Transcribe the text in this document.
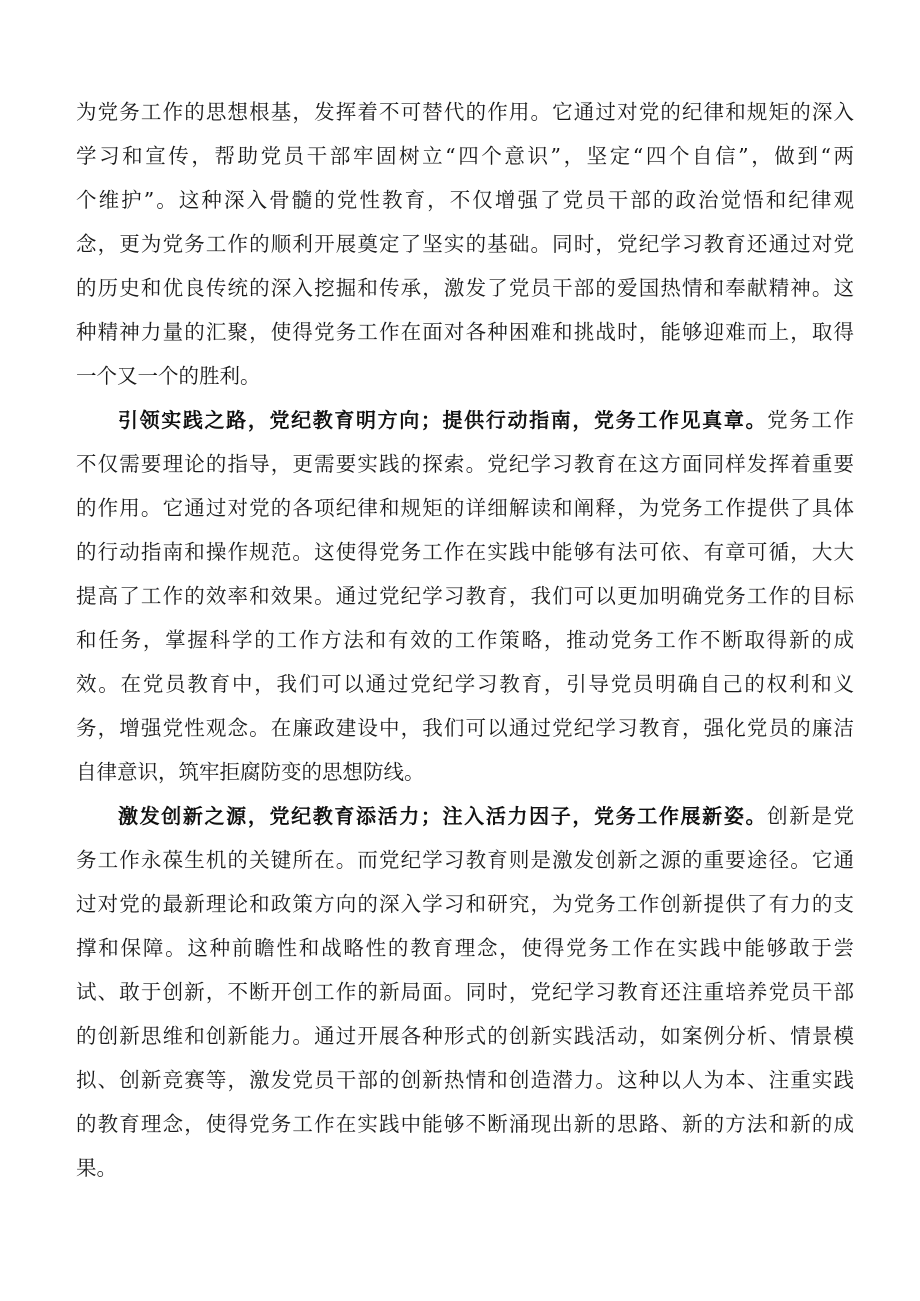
为党务工作的思想根基，发挥着不可替代的作用。它通过对党的纪律和规矩的深入
学习和宣传，帮助党员干部牢固树立“四个意识”，坚定“四个自信”，做到“两
个维护”。这种深入骨髓的党性教育，不仅增强了党员干部的政治觉悟和纪律观
念，更为党务工作的顺利开展奠定了坚实的基础。同时，党纪学习教育还通过对党
的历史和优良传统的深入挖掘和传承，激发了党员干部的爱国热情和奉献精神。这
种精神力量的汇聚，使得党务工作在面对各种困难和挑战时，能够迎难而上，取得
一个又一个的胜利。
引领实践之路，党纪教育明方向；提供行动指南，党务工作见真章。党务工作
不仅需要理论的指导，更需要实践的探索。党纪学习教育在这方面同样发挥着重要
的作用。它通过对党的各项纪律和规矩的详细解读和阐释，为党务工作提供了具体
的行动指南和操作规范。这使得党务工作在实践中能够有法可依、有章可循，大大
提高了工作的效率和效果。通过党纪学习教育，我们可以更加明确党务工作的目标
和任务，掌握科学的工作方法和有效的工作策略，推动党务工作不断取得新的成
效。在党员教育中，我们可以通过党纪学习教育，引导党员明确自己的权利和义
务，增强党性观念。在廉政建设中，我们可以通过党纪学习教育，强化党员的廉洁
自律意识，筑牢拒腐防变的思想防线。
激发创新之源，党纪教育添活力；注入活力因子，党务工作展新姿。创新是党
务工作永葆生机的关键所在。而党纪学习教育则是激发创新之源的重要途径。它通
过对党的最新理论和政策方向的深入学习和研究，为党务工作创新提供了有力的支
撑和保障。这种前瞻性和战略性的教育理念，使得党务工作在实践中能够敢于尝
试、敢于创新，不断开创工作的新局面。同时，党纪学习教育还注重培养党员干部
的创新思维和创新能力。通过开展各种形式的创新实践活动，如案例分析、情景模
拟、创新竞赛等，激发党员干部的创新热情和创造潜力。这种以人为本、注重实践
的教育理念，使得党务工作在实践中能够不断涌现出新的思路、新的方法和新的成
果。
